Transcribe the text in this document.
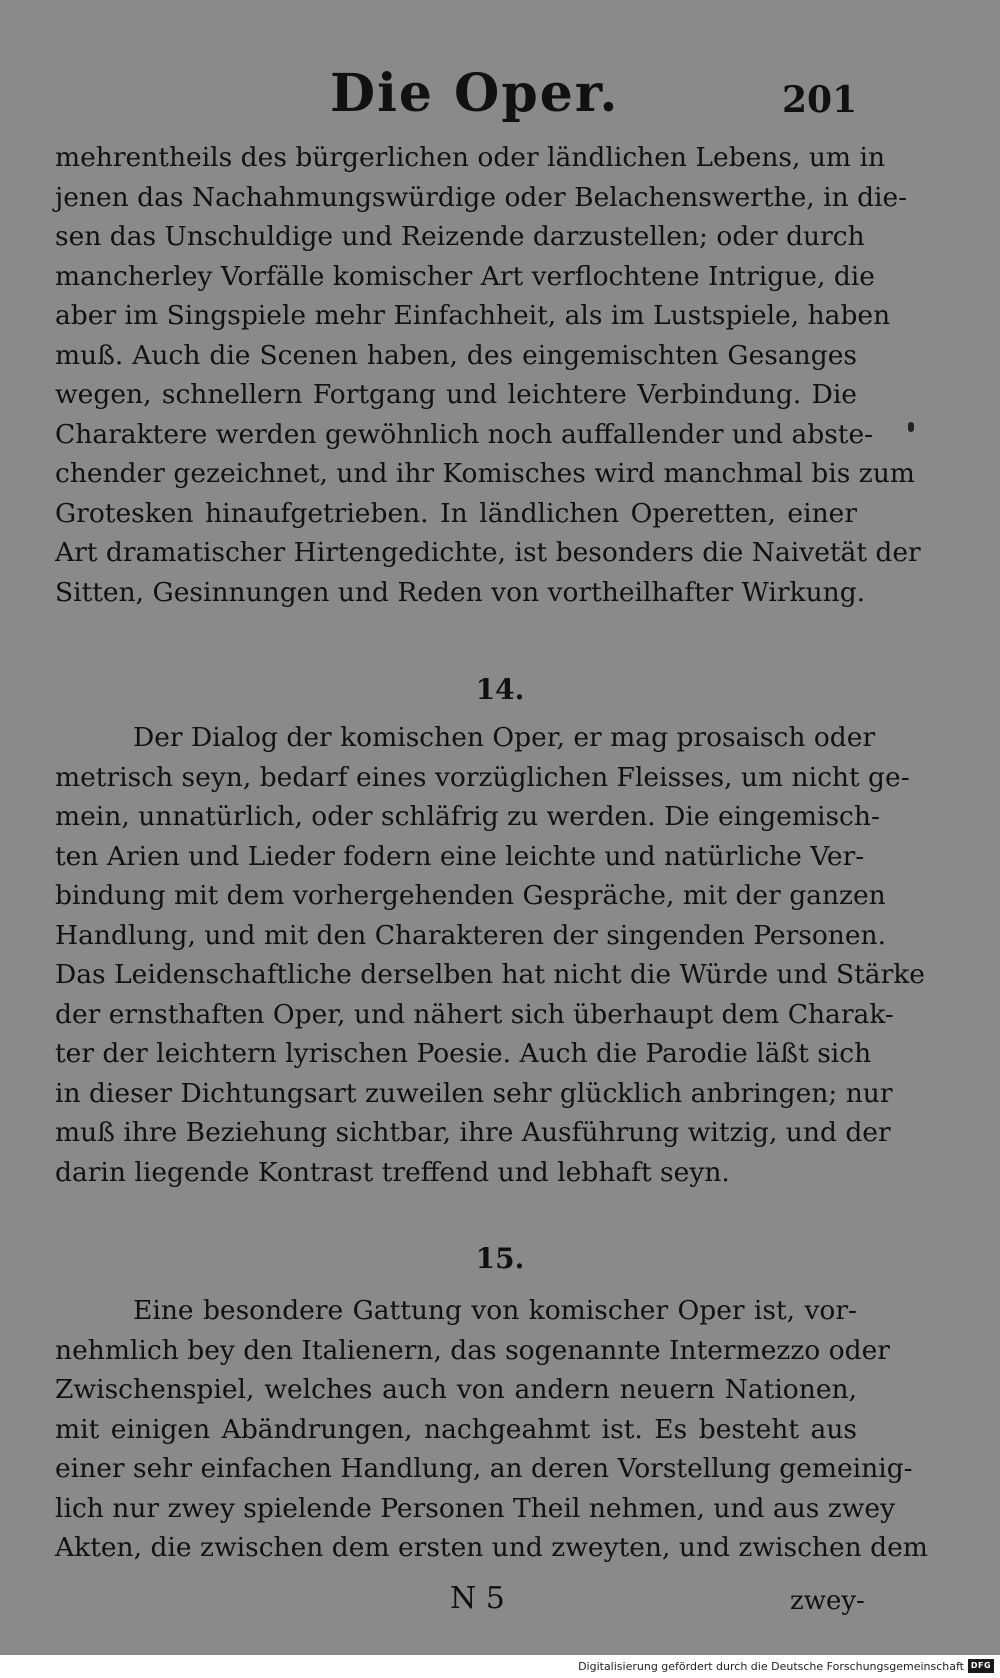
Die Oper.	201
mehrentheils des bürgerlichen oder ländlichen Lebens, um in
jenen das Nachahmungswürdige oder Belachenswerthe, in die-
sen das Unschuldige und Reizende darzustellen; oder durch
mancherley Vorfälle komischer Art verflochtene Intrigue, die
aber im Singspiele mehr Einfachheit, als im Lustspiele, haben
muß. Auch die Scenen haben, des eingemischten Gesanges
wegen, schnellern Fortgang und leichtere Verbindung. Die
Charaktere werden gewöhnlich noch auffallender und abste-
chender gezeichnet, und ihr Komisches wird manchmal bis zum
Grotesken hinaufgetrieben. In ländlichen Operetten, einer
Art dramatischer Hirtengedichte, ist besonders die Naivetät der
Sitten, Gesinnungen und Reden von vortheilhafter Wirkung.
14.
Der Dialog der komischen Oper, er mag prosaisch oder
metrisch seyn, bedarf eines vorzüglichen Fleisses, um nicht ge-
mein, unnatürlich, oder schläfrig zu werden. Die eingemisch-
ten Arien und Lieder fodern eine leichte und natürliche Ver-
bindung mit dem vorhergehenden Gespräche, mit der ganzen
Handlung, und mit den Charakteren der singenden Personen.
Das Leidenschaftliche derselben hat nicht die Würde und Stärke
der ernsthaften Oper, und nähert sich überhaupt dem Charak-
ter der leichtern lyrischen Poesie. Auch die Parodie läßt sich
in dieser Dichtungsart zuweilen sehr glücklich anbringen; nur
muß ihre Beziehung sichtbar, ihre Ausführung witzig, und der
darin liegende Kontrast treffend und lebhaft seyn.
15.
Eine besondere Gattung von komischer Oper ist, vor-
nehmlich bey den Italienern, das sogenannte Intermezzo oder
Zwischenspiel, welches auch von andern neuern Nationen,
mit einigen Abändrungen, nachgeahmt ist. Es besteht aus
einer sehr einfachen Handlung, an deren Vorstellung gemeinig-
lich nur zwey spielende Personen Theil nehmen, und aus zwey
Akten, die zwischen dem ersten und zweyten, und zwischen dem
N 5	zwey-
Digitalisierung gefördert durch die Deutsche Forschungsgemeinschaft DFG
